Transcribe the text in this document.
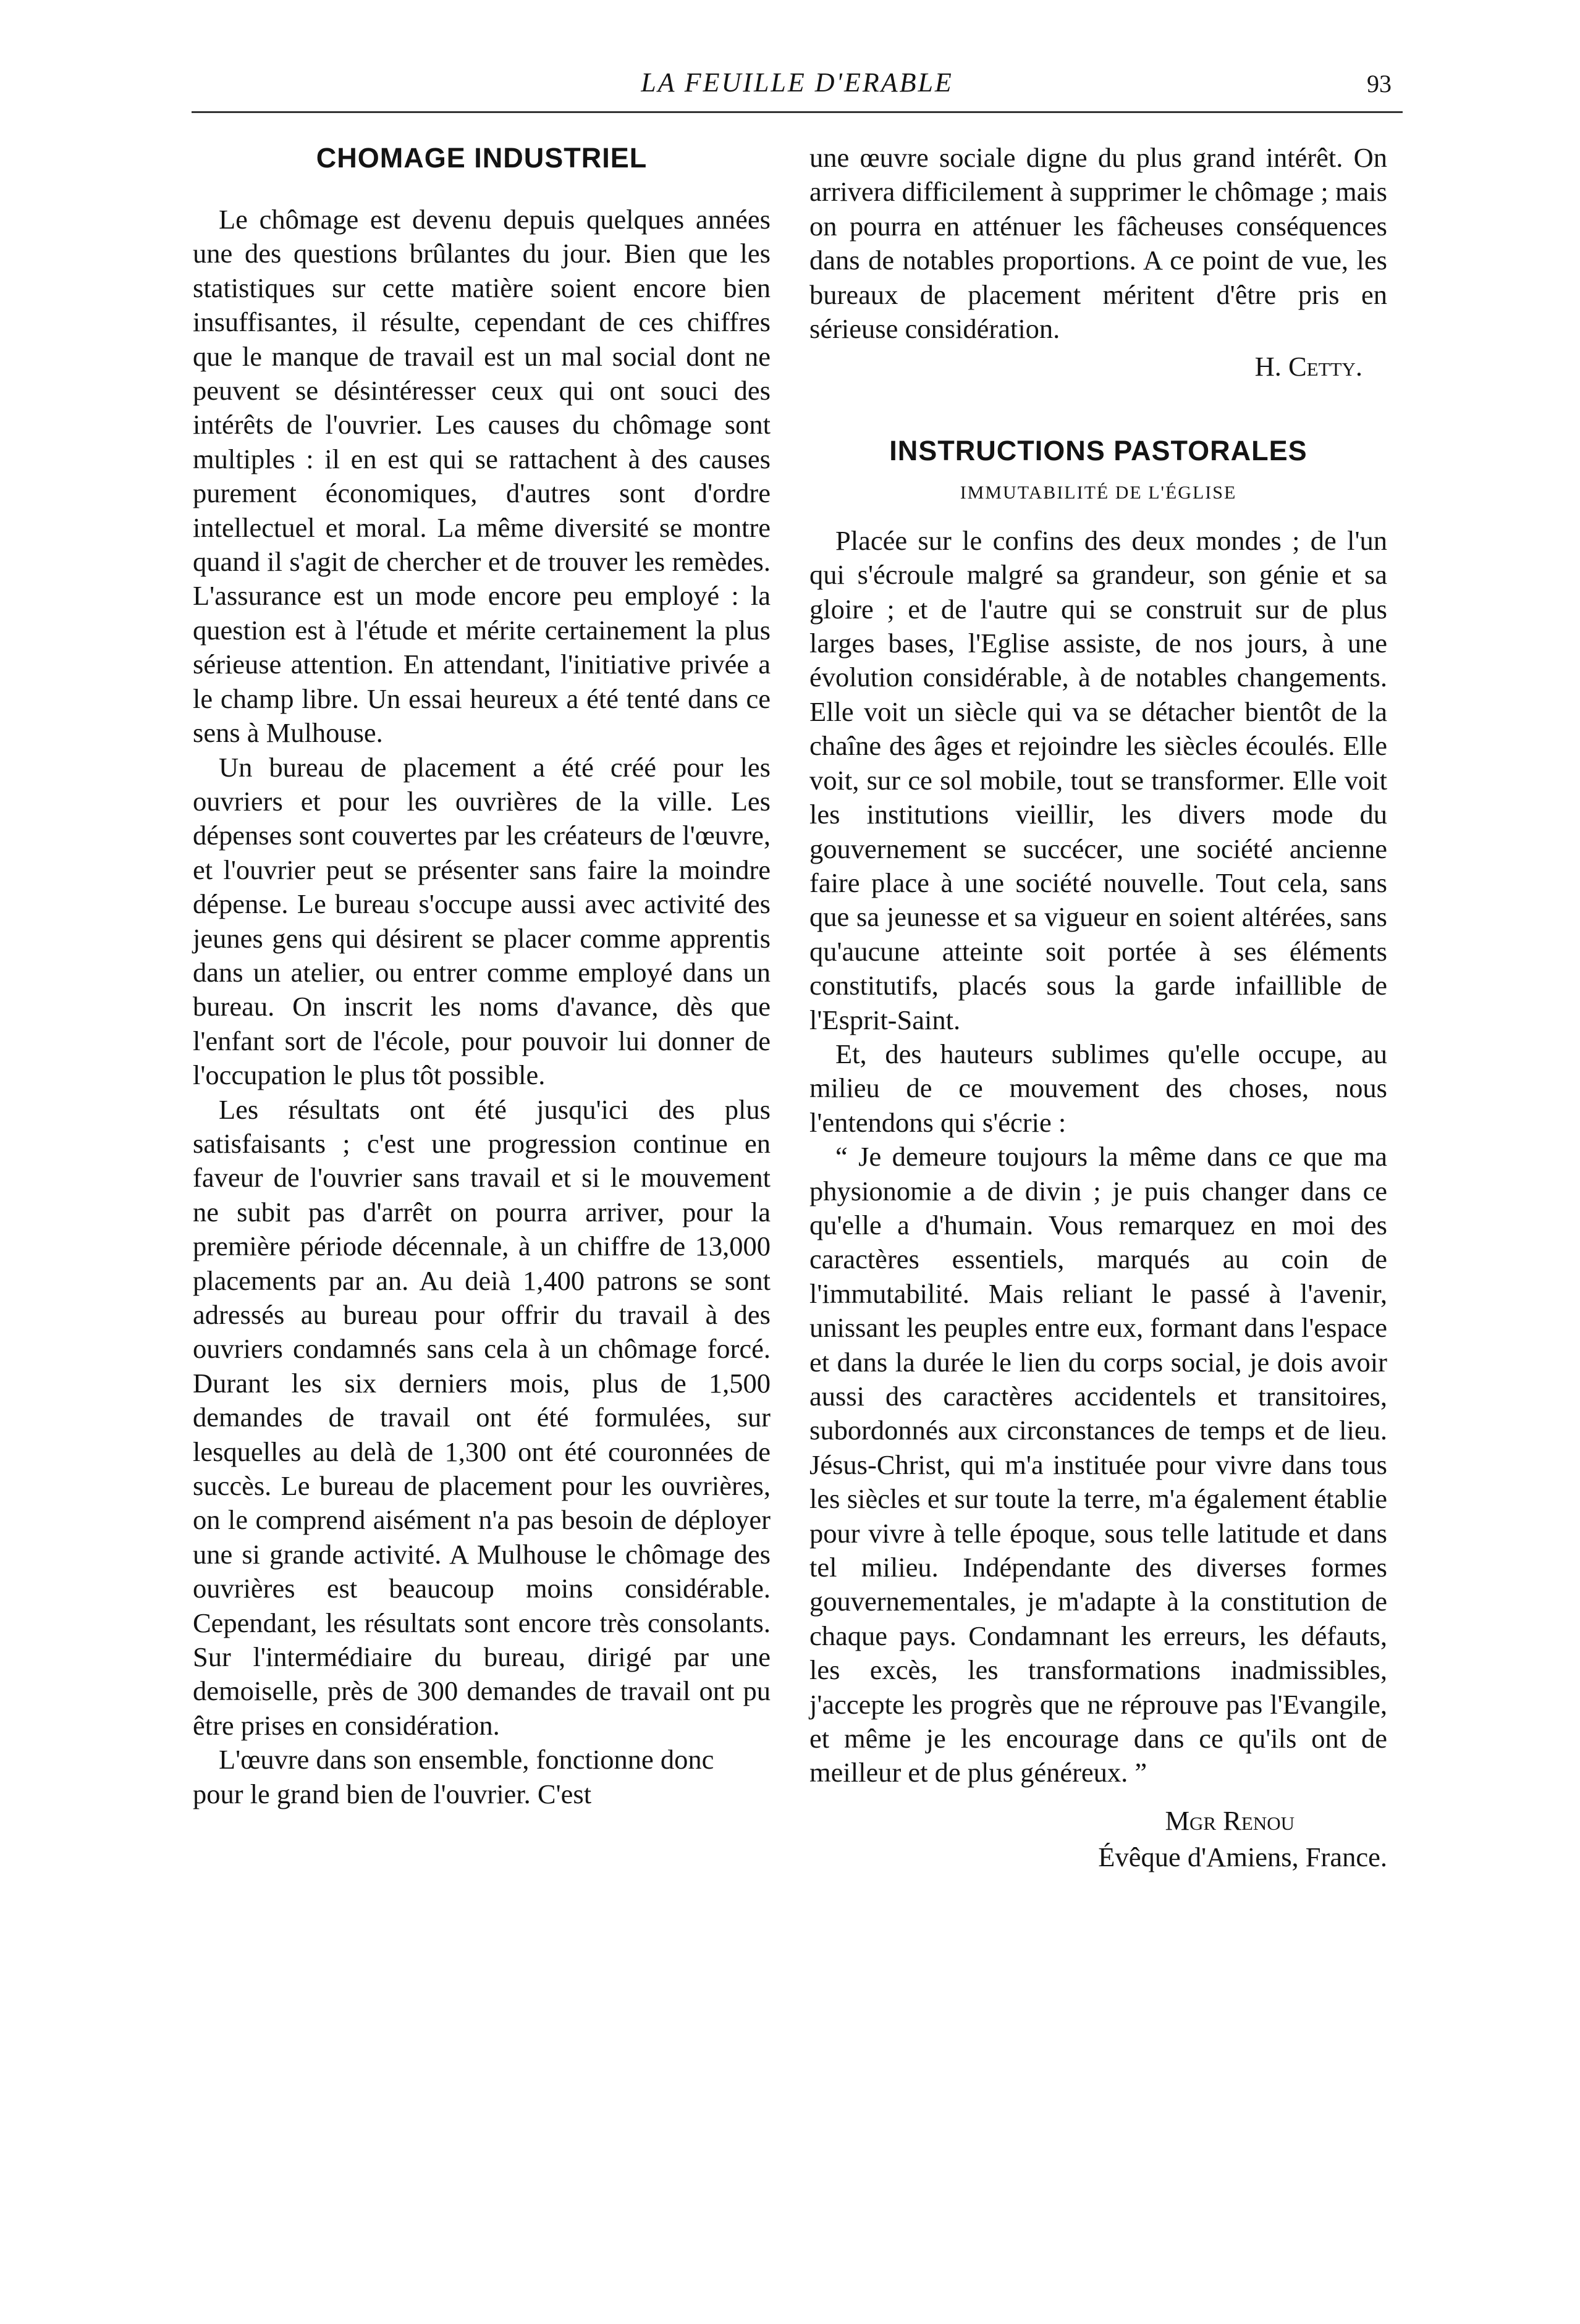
LA FEUILLE D'ERABLE	93
CHOMAGE INDUSTRIEL

Le chômage est devenu depuis quelques années une des questions brûlantes du jour. Bien que les statistiques sur cette matière soient encore bien insuffisantes, il résulte, cependant de ces chiffres que le manque de travail est un mal social dont ne peuvent se désintéresser ceux qui ont souci des intérêts de l'ouvrier. Les causes du chômage sont multiples : il en est qui se rattachent à des causes purement économiques, d'autres sont d'ordre intellectuel et moral. La même diversité se montre quand il s'agit de chercher et de trouver les remèdes. L'assurance est un mode encore peu employé : la question est à l'étude et mérite certainement la plus sérieuse attention. En attendant, l'initiative privée a le champ libre. Un essai heureux a été tenté dans ce sens à Mulhouse.

Un bureau de placement a été créé pour les ouvriers et pour les ouvrières de la ville. Les dépenses sont couvertes par les créateurs de l'œuvre, et l'ouvrier peut se présenter sans faire la moindre dépense. Le bureau s'occupe aussi avec activité des jeunes gens qui désirent se placer comme apprentis dans un atelier, ou entrer comme employé dans un bureau. On inscrit les noms d'avance, dès que l'enfant sort de l'école, pour pouvoir lui donner de l'occupation le plus tôt possible.

Les résultats ont été jusqu'ici des plus satisfaisants ; c'est une progression continue en faveur de l'ouvrier sans travail et si le mouvement ne subit pas d'arrêt on pourra arriver, pour la première période décennale, à un chiffre de 13,000 placements par an. Au deià 1,400 patrons se sont adressés au bureau pour offrir du travail à des ouvriers condamnés sans cela à un chômage forcé. Durant les six derniers mois, plus de 1,500 demandes de travail ont été formulées, sur lesquelles au delà de 1,300 ont été couronnées de succès. Le bureau de placement pour les ouvrières, on le comprend aisément n'a pas besoin de déployer une si grande activité. A Mulhouse le chômage des ouvrières est beaucoup moins considérable. Cependant, les résultats sont encore très consolants. Sur l'intermédiaire du bureau, dirigé par une demoiselle, près de 300 demandes de travail ont pu être prises en considération.

L'œuvre dans son ensemble, fonctionne donc pour le grand bien de l'ouvrier. C'est

une œuvre sociale digne du plus grand intérêt. On arrivera difficilement à supprimer le chômage ; mais on pourra en atténuer les fâcheuses conséquences dans de notables proportions. A ce point de vue, les bureaux de placement méritent d'être pris en sérieuse considération.

H. Cetty.
INSTRUCTIONS PASTORALES
IMMUTABILITÉ DE L'ÉGLISE

Placée sur le confins des deux mondes ; de l'un qui s'écroule malgré sa grandeur, son génie et sa gloire ; et de l'autre qui se construit sur de plus larges bases, l'Eglise assiste, de nos jours, à une évolution considérable, à de notables changements. Elle voit un siècle qui va se détacher bientôt de la chaîne des âges et rejoindre les siècles écoulés. Elle voit, sur ce sol mobile, tout se transformer. Elle voit les institutions vieillir, les divers mode du gouvernement se succécer, une société ancienne faire place à une société nouvelle. Tout cela, sans que sa jeunesse et sa vigueur en soient altérées, sans qu'aucune atteinte soit portée à ses éléments constitutifs, placés sous la garde infaillible de l'Esprit-Saint.

Et, des hauteurs sublimes qu'elle occupe, au milieu de ce mouvement des choses, nous l'entendons qui s'écrie :

“ Je demeure toujours la même dans ce que ma physionomie a de divin ; je puis changer dans ce qu'elle a d'humain. Vous remarquez en moi des caractères essentiels, marqués au coin de l'immutabilité. Mais reliant le passé à l'avenir, unissant les peuples entre eux, formant dans l'espace et dans la durée le lien du corps social, je dois avoir aussi des caractères accidentels et transitoires, subordonnés aux circonstances de temps et de lieu. Jésus-Christ, qui m'a instituée pour vivre dans tous les siècles et sur toute la terre, m'a également établie pour vivre à telle époque, sous telle latitude et dans tel milieu. Indépendante des diverses formes gouvernementales, je m'adapte à la constitution de chaque pays. Condamnant les erreurs, les défauts, les excès, les transformations inadmissibles, j'accepte les progrès que ne réprouve pas l'Evangile, et même je les encourage dans ce qu'ils ont de meilleur et de plus généreux. ”

Mgr Renou
Évêque d'Amiens, France.
